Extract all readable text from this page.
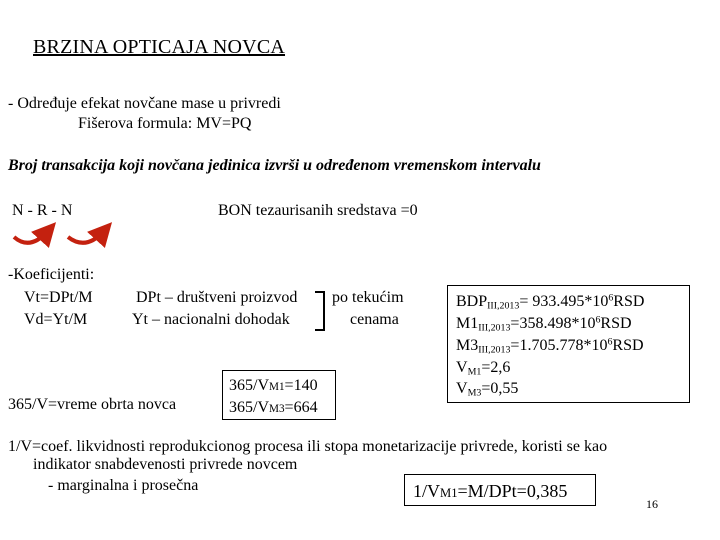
BRZINA OPTICAJA NOVCA
- Određuje efekat novčane mase u privredi
Fišerova formula: MV=PQ
Broj transakcija koji novčana jedinica izvrši u određenom vremenskom intervalu
N - R - N	BON tezaurisanih sredstava =0
-Koeficijenti:
Vt=DPt/M
Vd=Yt/M
DPt – društveni proizvod
Yt – nacionalni dohodak
po tekućim
cenama
$BDP_{III,2013}= 933.495*10^6RSD$
$M1_{III,2013}=358.498*10^6RSD$
$M3_{III,2013}=1.705.778*10^6RSD$
$V_{M1}=2,6$
$V_{M3}=0,55$
365/V=vreme obrta novca
365/VM1=140
365/VM3=664
1/V=coef. likvidnosti reprodukcionog procesa ili stopa monetarizacije privrede, koristi se kao
indikator snabdevenosti privrede novcem
- marginalna i prosečna	1/VM1=M/DPt=0,385
16
